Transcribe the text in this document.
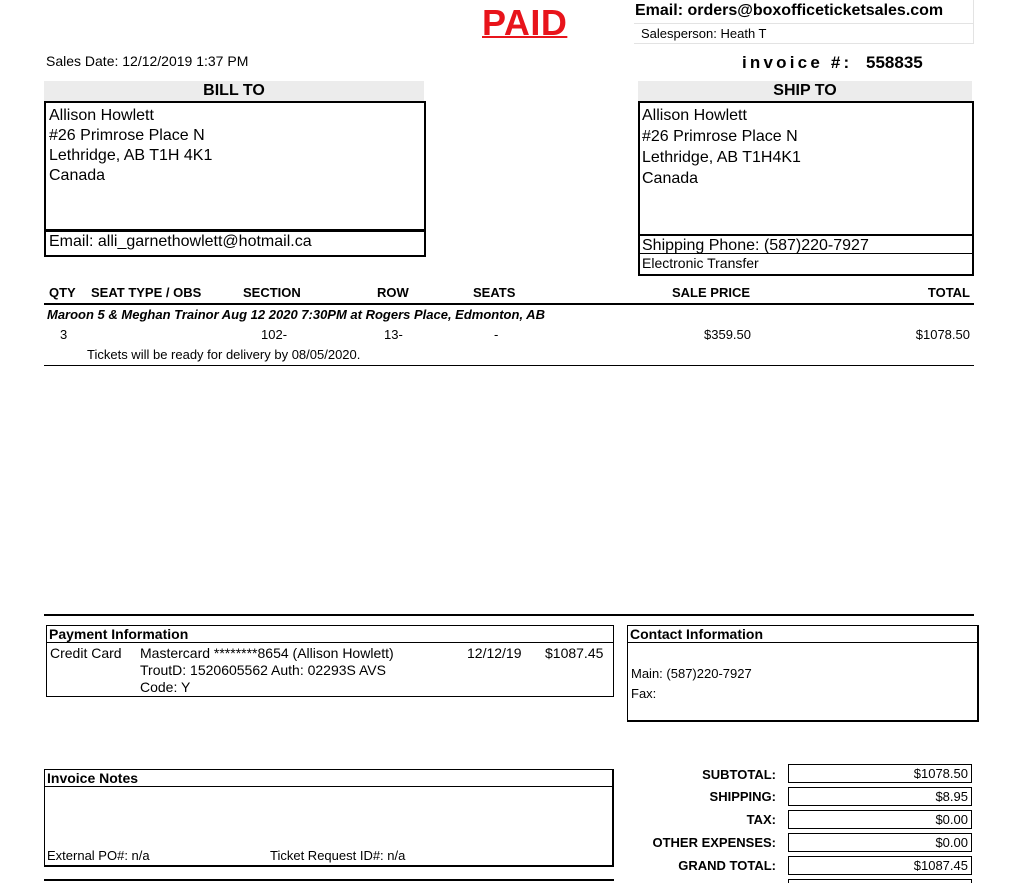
PAID	Email: orders@boxofficeticketsales.com
Salesperson: Heath T
Sales Date: 12/12/2019 1:37 PM	invoice #: 558835
BILL TO
Allison Howlett
#26 Primrose Place N
Lethridge, AB T1H 4K1
Canada
Email: alli_garnethowlett@hotmail.ca
SHIP TO
Allison Howlett
#26 Primrose Place N
Lethridge, AB T1H4K1
Canada
Shipping Phone: (587)220-7927
Electronic Transfer
QTY SEAT TYPE / OBS	SECTION	ROW	SEATS	SALE PRICE	TOTAL
Maroon 5 & Meghan Trainor Aug 12 2020 7:30PM at Rogers Place, Edmonton, AB
3	102-	13-	-	$359.50	$1078.50
Tickets will be ready for delivery by 08/05/2020.
Payment Information
Credit Card Mastercard ********8654 (Allison Howlett)
TroutD: 1520605562 Auth: 02293S AVS
Code: Y
12/12/19 $1087.45
Contact Information
Main: (587)220-7927
Fax:
Invoice Notes
External PO#: n/a	Ticket Request ID#: n/a
SUBTOTAL:	$1078.50
SHIPPING:	$8.95
TAX:	$0.00
OTHER EXPENSES:	$0.00
GRAND TOTAL:	$1087.45
